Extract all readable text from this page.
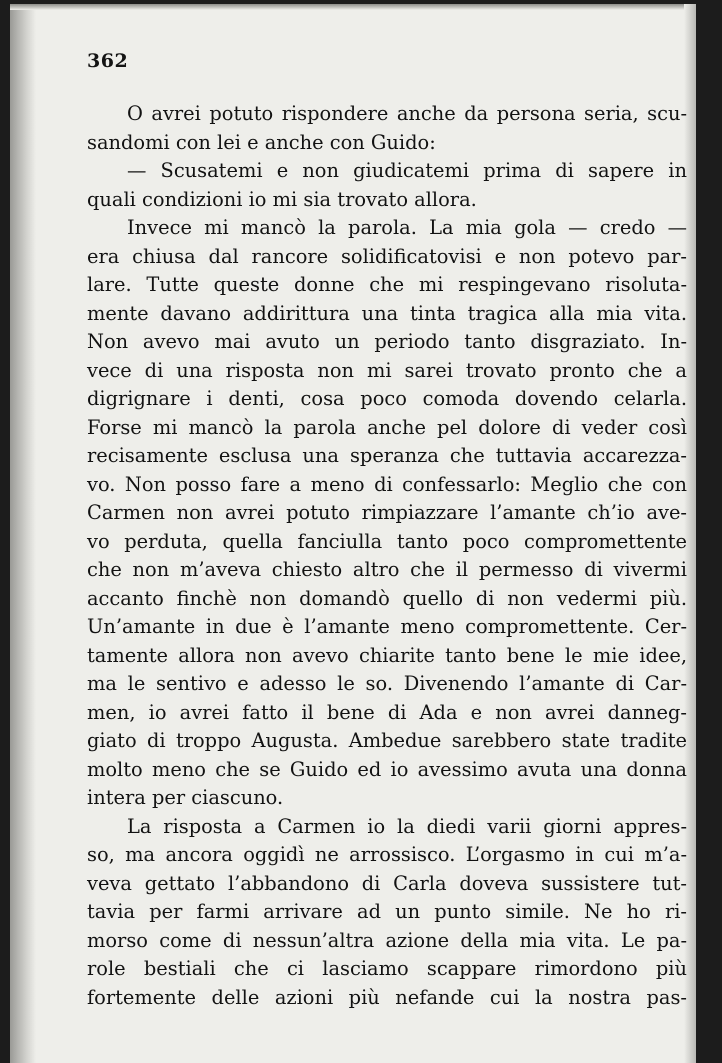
362
O avrei potuto rispondere anche da persona seria, scu-
sandomi con lei e anche con Guido:
— Scusatemi e non giudicatemi prima di sapere in
quali condizioni io mi sia trovato allora.
Invece mi mancò la parola. La mia gola — credo —
era chiusa dal rancore solidificatovisi e non potevo par-
lare. Tutte queste donne che mi respingevano risoluta-
mente davano addirittura una tinta tragica alla mia vita.
Non avevo mai avuto un periodo tanto disgraziato. In-
vece di una risposta non mi sarei trovato pronto che a
digrignare i denti, cosa poco comoda dovendo celarla.
Forse mi mancò la parola anche pel dolore di veder così
recisamente esclusa una speranza che tuttavia accarezza-
vo. Non posso fare a meno di confessarlo: Meglio che con
Carmen non avrei potuto rimpiazzare l’amante ch’io ave-
vo perduta, quella fanciulla tanto poco compromettente
che non m’aveva chiesto altro che il permesso di vivermi
accanto finchè non domandò quello di non vedermi più.
Un’amante in due è l’amante meno compromettente. Cer-
tamente allora non avevo chiarite tanto bene le mie idee,
ma le sentivo e adesso le so. Divenendo l’amante di Car-
men, io avrei fatto il bene di Ada e non avrei danneg-
giato di troppo Augusta. Ambedue sarebbero state tradite
molto meno che se Guido ed io avessimo avuta una donna
intera per ciascuno.
La risposta a Carmen io la diedi varii giorni appres-
so, ma ancora oggidì ne arrossisco. L’orgasmo in cui m’a-
veva gettato l’abbandono di Carla doveva sussistere tut-
tavia per farmi arrivare ad un punto simile. Ne ho ri-
morso come di nessun’altra azione della mia vita. Le pa-
role bestiali che ci lasciamo scappare rimordono più
fortemente delle azioni più nefande cui la nostra pas-
